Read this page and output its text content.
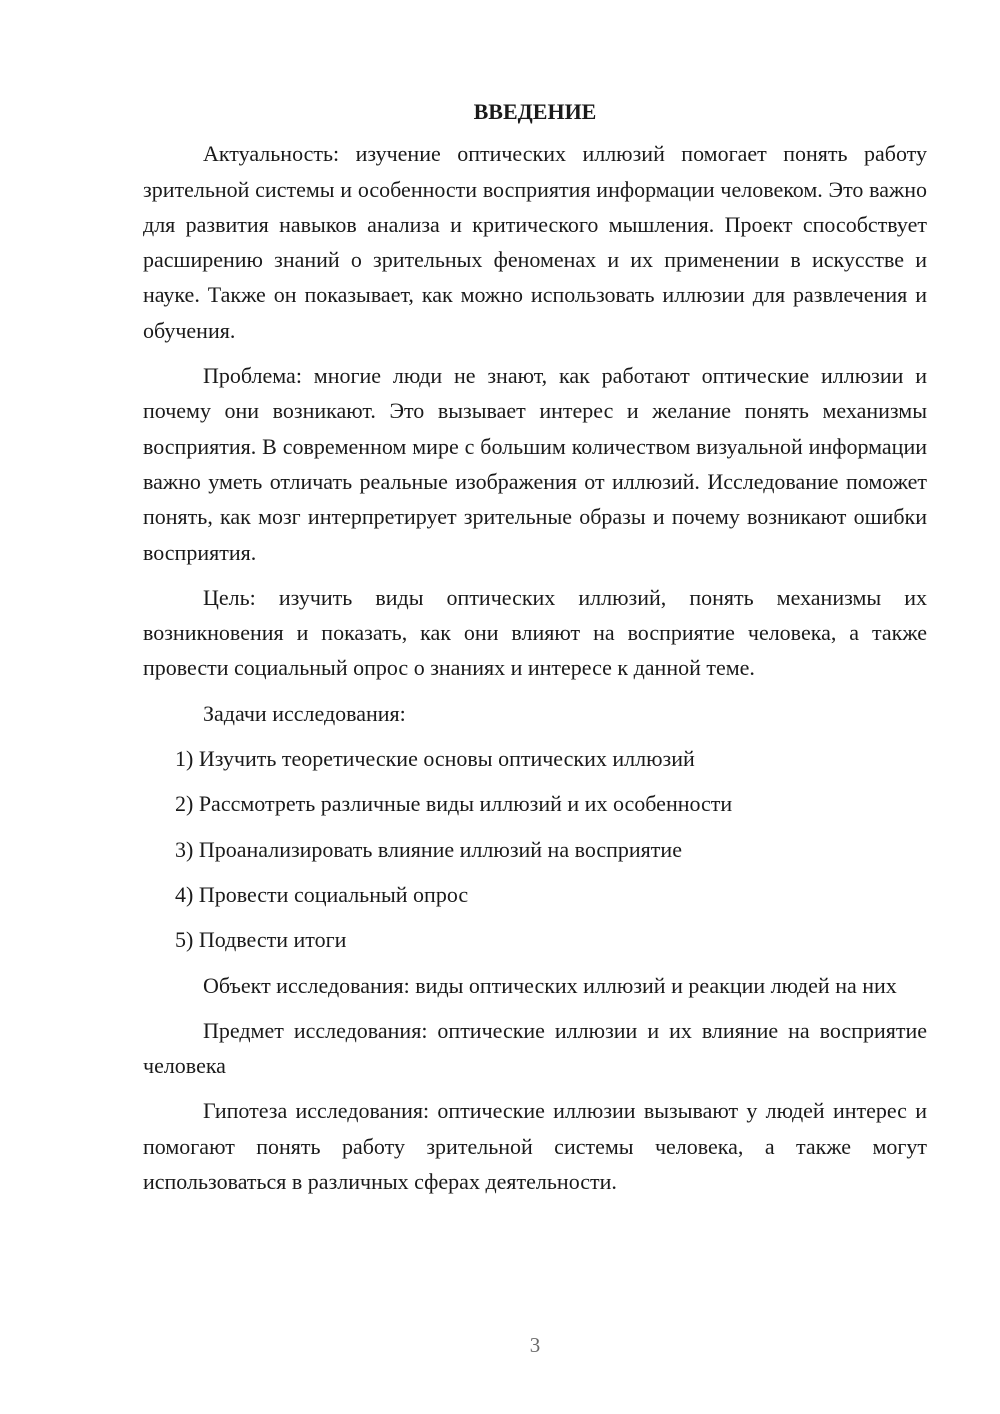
ВВЕДЕНИЕ

Актуальность: изучение оптических иллюзий помогает понять работу зрительной системы и особенности восприятия информации человеком. Это важно для развития навыков анализа и критического мышления. Проект способствует расширению знаний о зрительных феноменах и их применении в искусстве и науке. Также он показывает, как можно использовать иллюзии для развлечения и обучения.

Проблема: многие люди не знают, как работают оптические иллюзии и почему они возникают. Это вызывает интерес и желание понять механизмы восприятия. В современном мире с большим количеством визуальной информации важно уметь отличать реальные изображения от иллюзий. Исследование поможет понять, как мозг интерпретирует зрительные образы и почему возникают ошибки восприятия.

Цель: изучить виды оптических иллюзий, понять механизмы их возникновения и показать, как они влияют на восприятие человека, а также провести социальный опрос о знаниях и интересе к данной теме.

Задачи исследования:

1) Изучить теоретические основы оптических иллюзий
2) Рассмотреть различные виды иллюзий и их особенности
3) Проанализировать влияние иллюзий на восприятие
4) Провести социальный опрос
5) Подвести итоги

Объект исследования: виды оптических иллюзий и реакции людей на них

Предмет исследования: оптические иллюзии и их влияние на восприятие человека

Гипотеза исследования: оптические иллюзии вызывают у людей интерес и помогают понять работу зрительной системы человека, а также могут использоваться в различных сферах деятельности.

3
